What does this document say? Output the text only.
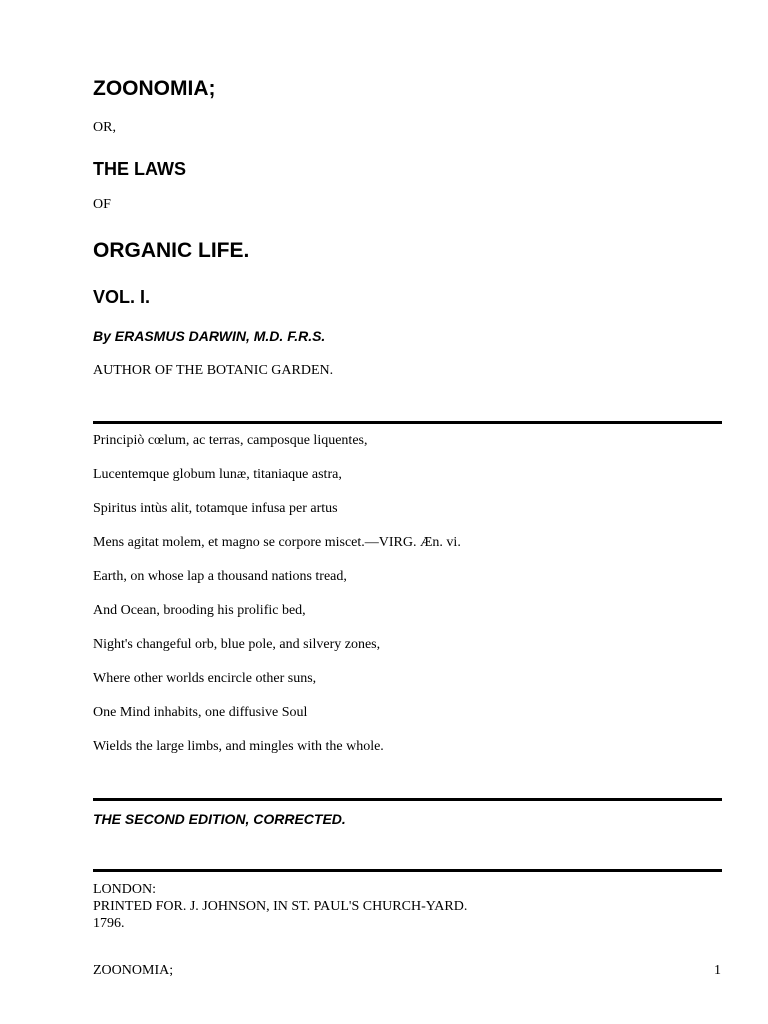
ZOONOMIA;

OR,

THE LAWS

OF

ORGANIC LIFE.
VOL. I.

By ERASMUS DARWIN, M.D. F.R.S.

AUTHOR OF THE BOTANIC GARDEN.

Principiò cœlum, ac terras, camposque liquentes,
Lucentemque globum lunæ, titaniaque astra,
Spiritus intùs alit, totamque infusa per artus
Mens agitat molem, et magno se corpore miscet.—VIRG. Æn. vi.
Earth, on whose lap a thousand nations tread,
And Ocean, brooding his prolific bed,
Night's changeful orb, blue pole, and silvery zones,
Where other worlds encircle other suns,
One Mind inhabits, one diffusive Soul
Wields the large limbs, and mingles with the whole.

THE SECOND EDITION, CORRECTED.

LONDON:
PRINTED FOR. J. JOHNSON, IN ST. PAUL'S CHURCH-YARD.
1796.
ZOONOMIA;	1
